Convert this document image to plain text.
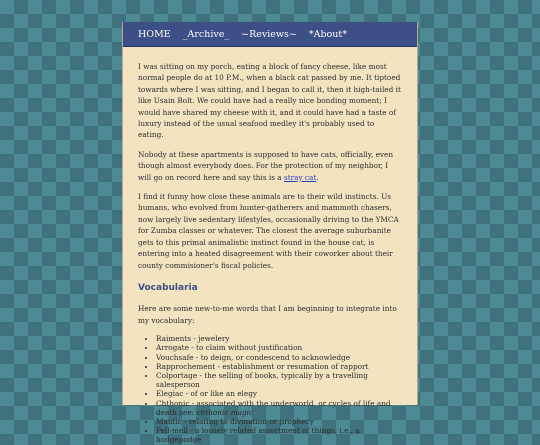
HOME _Archive_ ~Reviews~ *About*

I was sitting on my porch, eating a block of fancy cheese, like most normal people do at 10 P.M., when a black cat passed by me. It tiptoed towards where I was sitting, and I began to call it, then it high-tailed it like Usain Bolt. We could have had a really nice bonding moment; I would have shared my cheese with it, and it could have had a taste of luxury instead of the usual seafood medley it's probably used to eating.

Nobody at these apartments is supposed to have cats, officially, even though almost everybody does. For the protection of my neighbor, I will go on record here and say this is a stray cat.

I find it funny how close these animals are to their wild instincts. Us humans, who evolved from hunter-gatherers and mammoth chasers, now largely live sedentary lifestyles, occasionally driving to the YMCA for Zumba classes or whatever. The closest the average suburbanite gets to this primal animalistic instinct found in the house cat, is entering into a heated disagreement with their coworker about their county commisioner's fiscal policies.

Vocabularia

Here are some new-to-me words that I am beginning to integrate into my vocabulary:

• Raiments - jewelery
• Arrogate - to claim without justification
• Vouchsafe - to deign, or condescend to acknowledge
• Rapprochement - establishment or resumation of rapport
• Colportage - the selling of books, typically by a travelling salesperson
• Elegiac - of or like an elegy
• Chthonic - associated with the underworld, or cycles of life and death see: chthonic magic
• Mantic - relating to divination or prophecy
• Pell-mell - a loosely related assortment of things: i.e., a hodgepodge
